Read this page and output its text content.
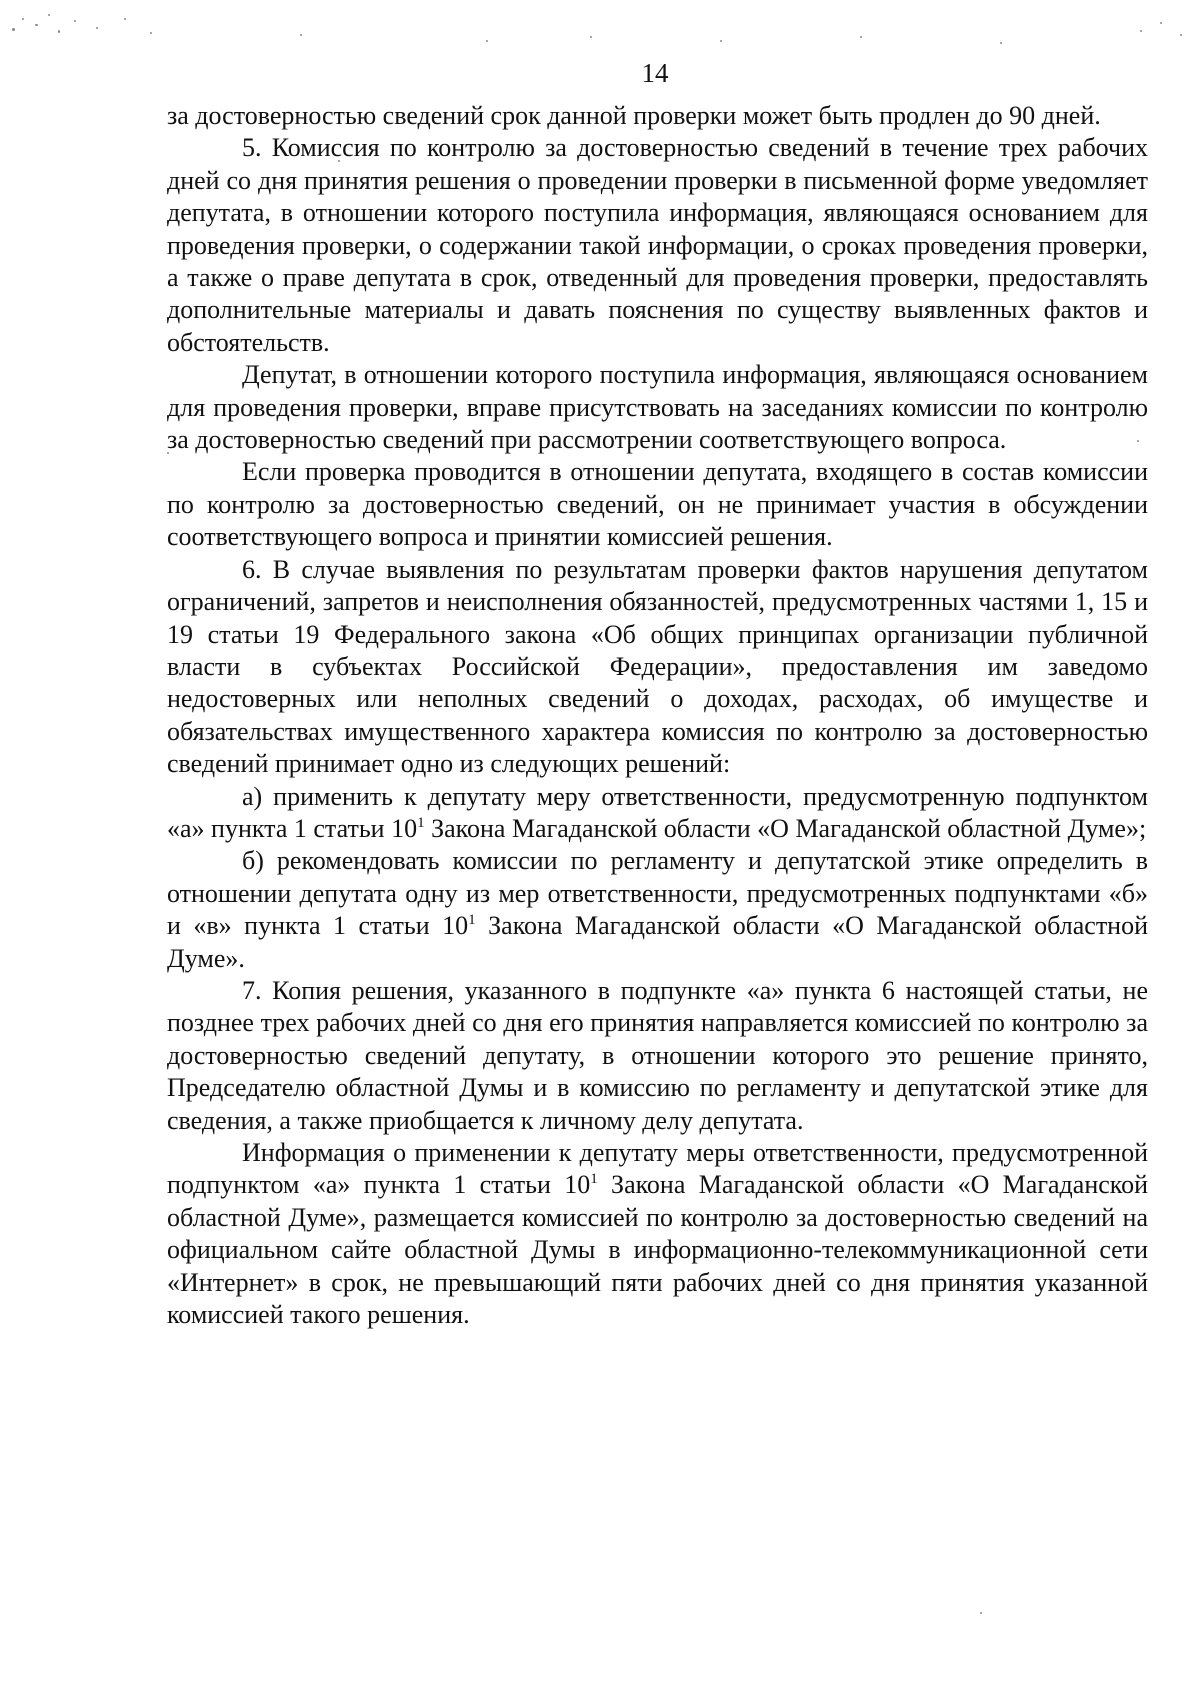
14

за достоверностью сведений срок данной проверки может быть продлен до 90 дней.

5. Комиссия по контролю за достоверностью сведений в течение трех рабочих дней со дня принятия решения о проведении проверки в письменной форме уведомляет депутата, в отношении которого поступила информация, являющаяся основанием для проведения проверки, о содержании такой информации, о сроках проведения проверки, а также о праве депутата в срок, отведенный для проведения проверки, предоставлять дополнительные материалы и давать пояснения по существу выявленных фактов и обстоятельств.

Депутат, в отношении которого поступила информация, являющаяся основанием для проведения проверки, вправе присутствовать на заседаниях комиссии по контролю за достоверностью сведений при рассмотрении соответствующего вопроса.

Если проверка проводится в отношении депутата, входящего в состав комиссии по контролю за достоверностью сведений, он не принимает участия в обсуждении соответствующего вопроса и принятии комиссией решения.

6. В случае выявления по результатам проверки фактов нарушения депутатом ограничений, запретов и неисполнения обязанностей, предусмотренных частями 1, 15 и 19 статьи 19 Федерального закона «Об общих принципах организации публичной власти в субъектах Российской Федерации», предоставления им заведомо недостоверных или неполных сведений о доходах, расходах, об имуществе и обязательствах имущественного характера комиссия по контролю за достоверностью сведений принимает одно из следующих решений:

а) применить к депутату меру ответственности, предусмотренную подпунктом «а» пункта 1 статьи $10^1$ Закона Магаданской области «О Магаданской областной Думе»;

б) рекомендовать комиссии по регламенту и депутатской этике определить в отношении депутата одну из мер ответственности, предусмотренных подпунктами «б» и «в» пункта 1 статьи $10^1$ Закона Магаданской области «О Магаданской областной Думе».

7. Копия решения, указанного в подпункте «а» пункта 6 настоящей статьи, не позднее трех рабочих дней со дня его принятия направляется комиссией по контролю за достоверностью сведений депутату, в отношении которого это решение принято, Председателю областной Думы и в комиссию по регламенту и депутатской этике для сведения, а также приобщается к личному делу депутата.

Информация о применении к депутату меры ответственности, предусмотренной подпунктом «а» пункта 1 статьи $10^1$ Закона Магаданской области «О Магаданской областной Думе», размещается комиссией по контролю за достоверностью сведений на официальном сайте областной Думы в информационно-телекоммуникационной сети «Интернет» в срок, не превышающий пяти рабочих дней со дня принятия указанной комиссией такого решения.
